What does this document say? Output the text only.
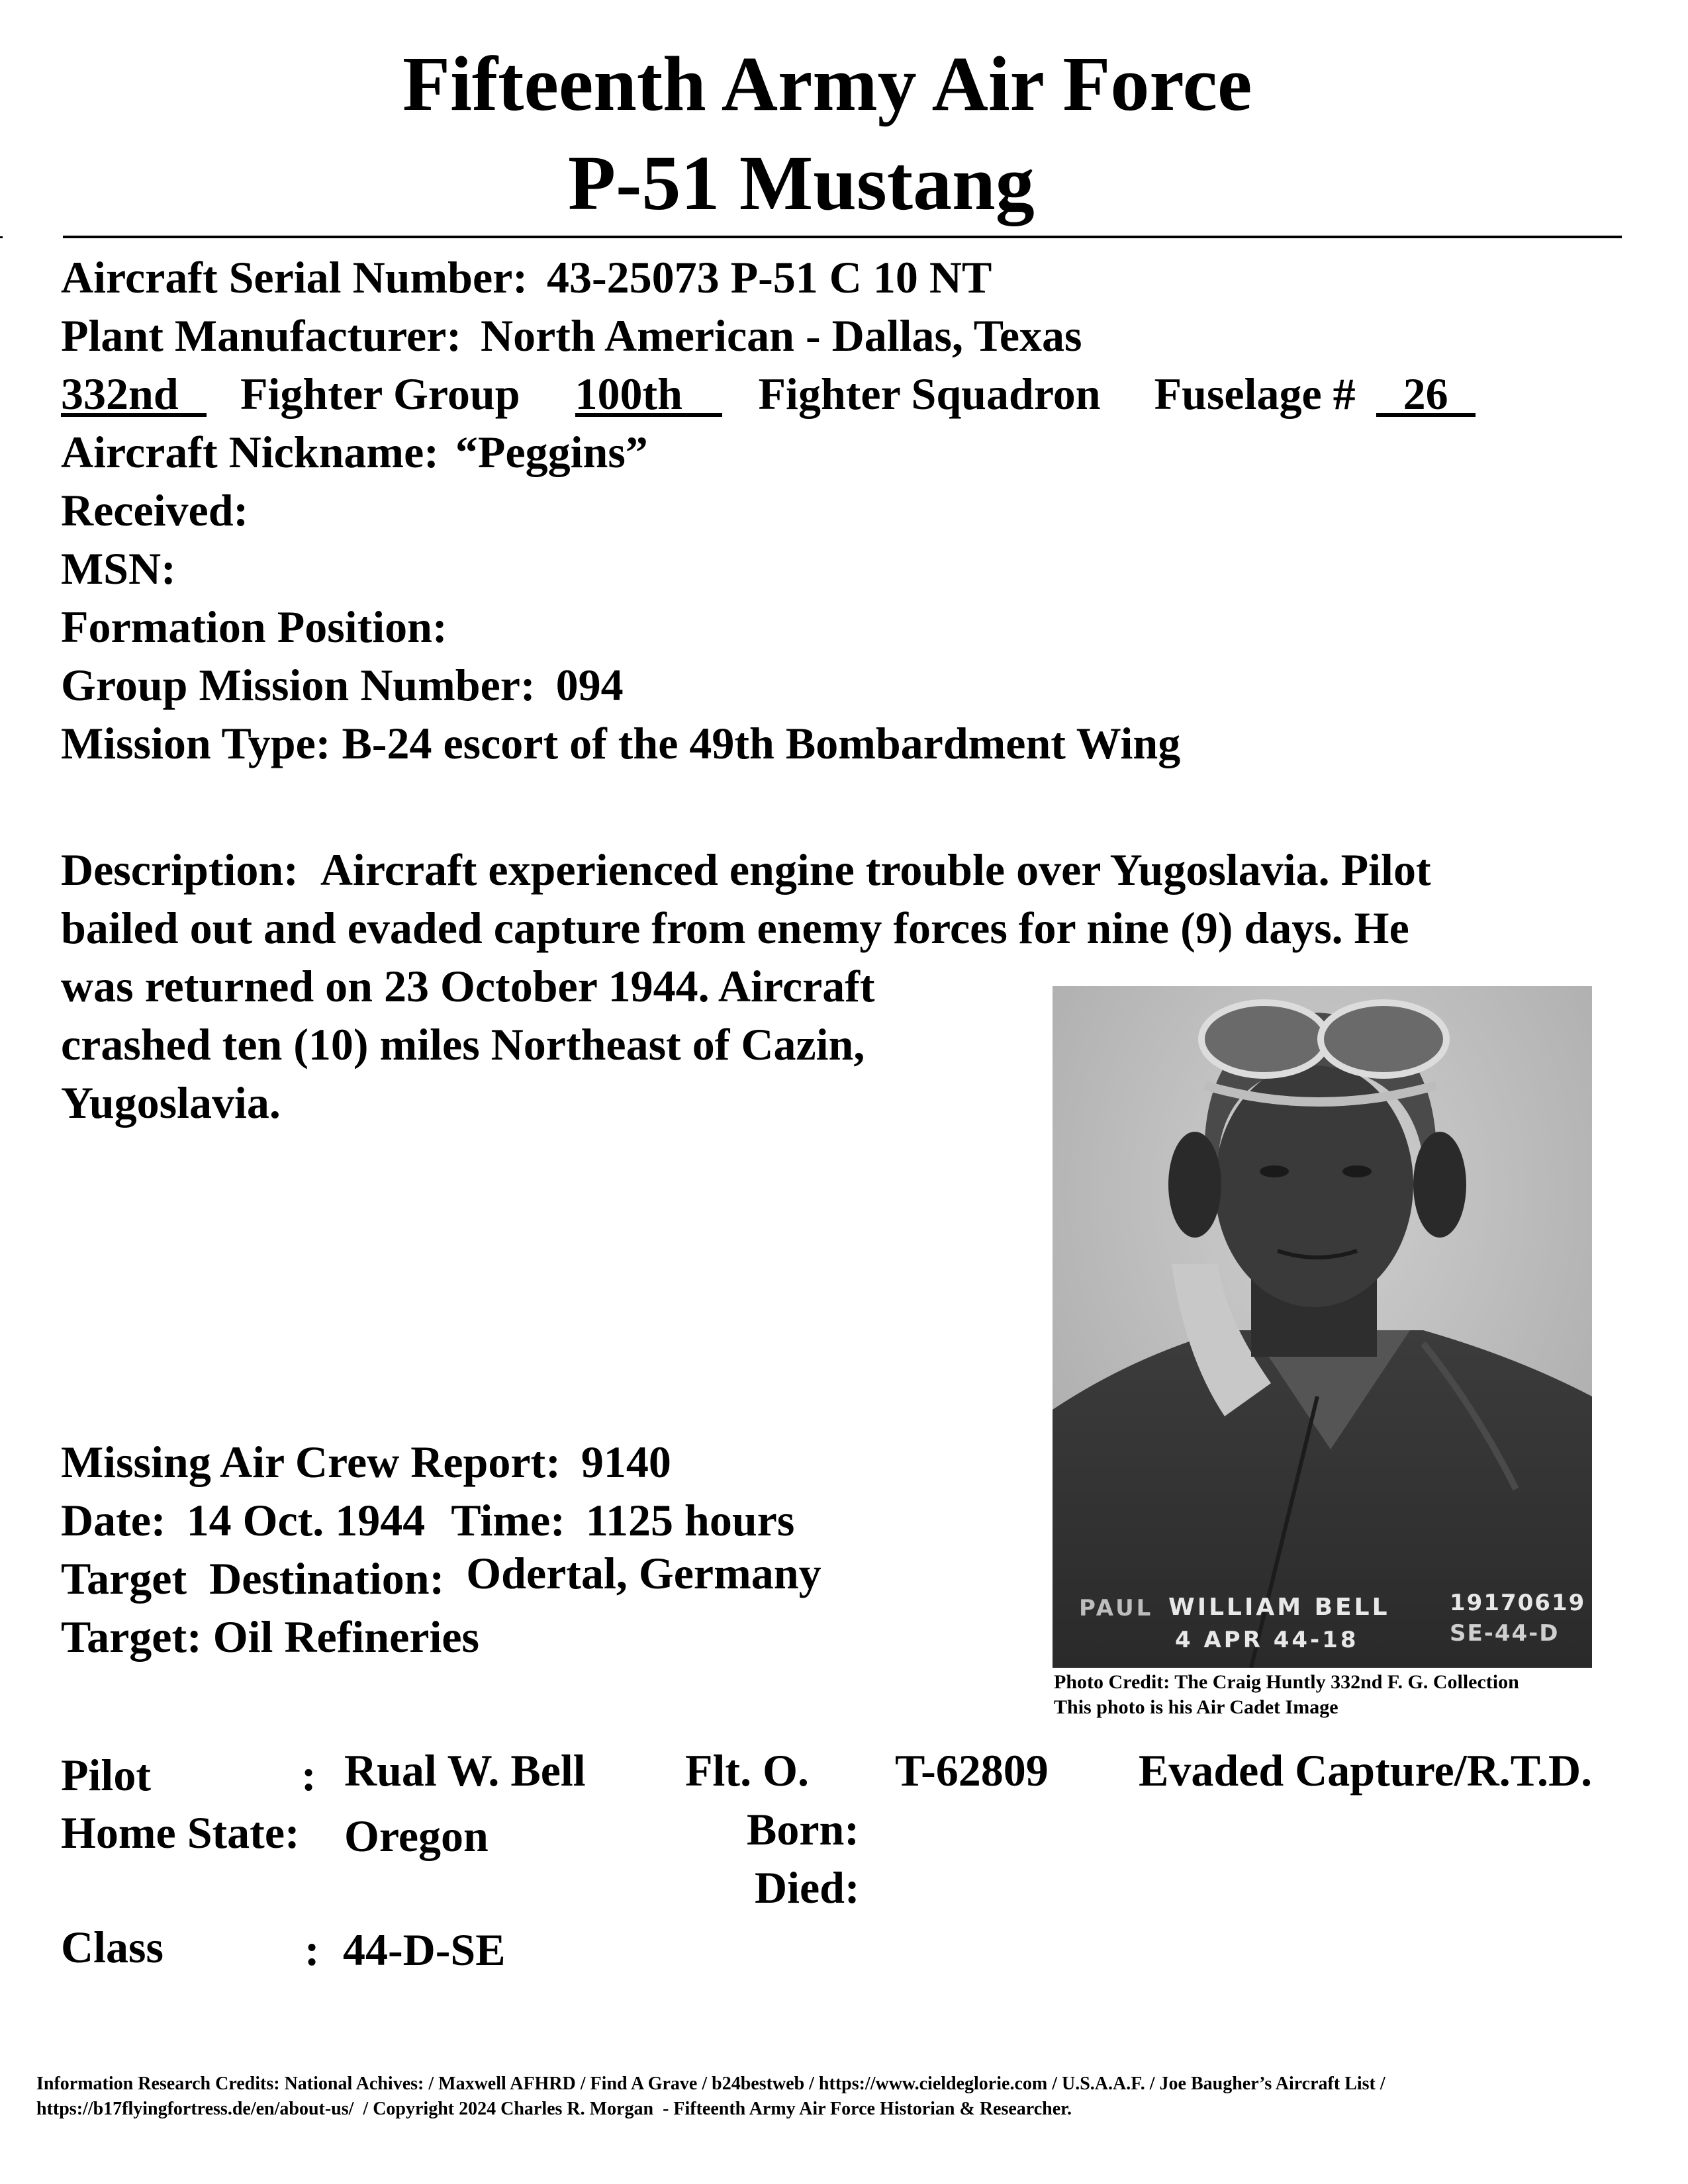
Fifteenth Army Air Force
P-51 Mustang
Aircraft Serial Number: 43-25073 P-51 C 10 NT
Plant Manufacturer: North American - Dallas, Texas
332nd Fighter Group 100th Fighter Squadron Fuselage # 26
Aircraft Nickname: “Peggins”
Received:
MSN:
Formation Position:
Group Mission Number: 094
Mission Type: B-24 escort of the 49th Bombardment Wing
Description: Aircraft experienced engine trouble over Yugoslavia. Pilot
bailed out and evaded capture from enemy forces for nine (9) days. He
was returned on 23 October 1944. Aircraft
crashed ten (10) miles Northeast of Cazin,
Yugoslavia.
PAUL WILLIAM BELL
4 APR 44-18
19170619
SE-44-D
Photo Credit: The Craig Huntly 332nd F. G. Collection
This photo is his Air Cadet Image
Missing Air Crew Report: 9140
Date: 14 Oct. 1944 Time: 1125 hours
Target  Destination: Odertal, Germany
Target: Oil Refineries
Pilot	: Rual W. Bell Flt. O. T-62809 Evaded Capture/R.T.D.
Home State: Oregon	Born:
Died:
Class	: 44-D-SE
Information Research Credits: National Achives: / Maxwell AFHRD / Find A Grave / b24bestweb / https://www.cieldeglorie.com / U.S.A.A.F. / Joe Baugher’s Aircraft List /
https://b17flyingfortress.de/en/about-us/  / Copyright 2024 Charles R. Morgan  - Fifteenth Army Air Force Historian & Researcher.
